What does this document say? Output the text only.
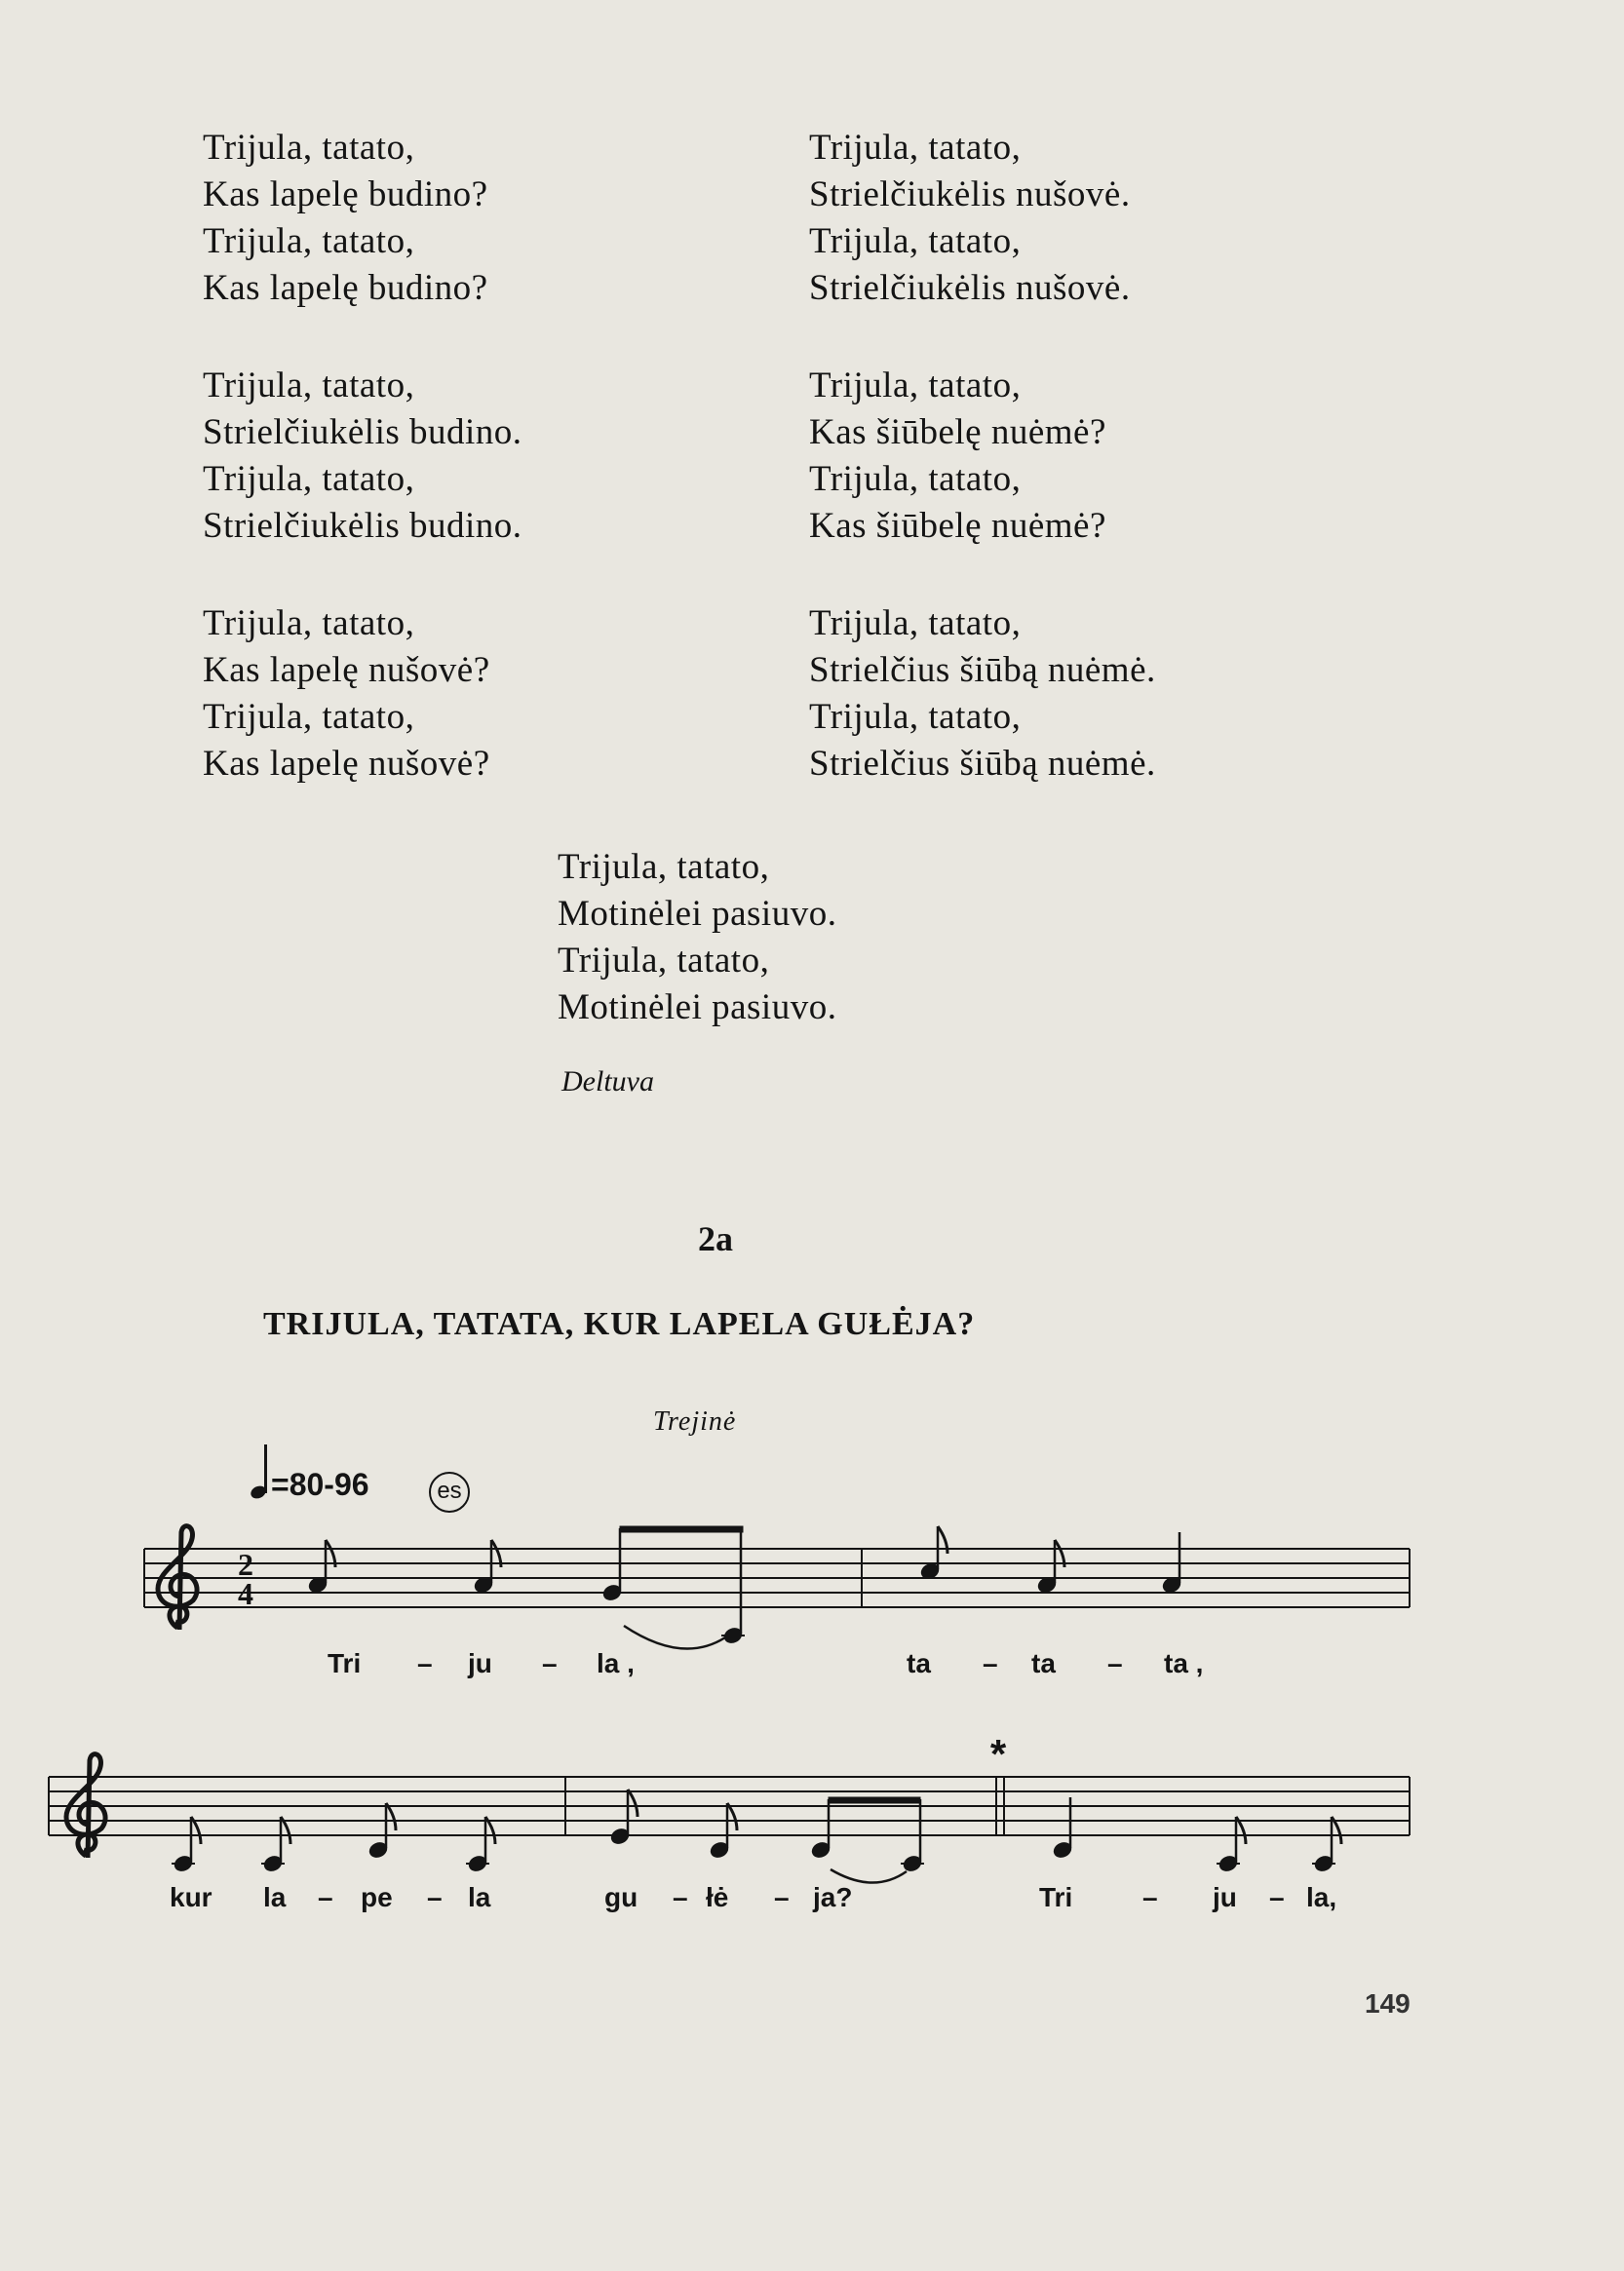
Trijula, tatato,
Kas lapelę budino?
Trijula, tatato,
Kas lapelę budino?
Trijula, tatato,
Strielčiukėlis budino.
Trijula, tatato,
Strielčiukėlis budino.
Trijula, tatato,
Kas lapelę nušovė?
Trijula, tatato,
Kas lapelę nušovė?
Trijula, tatato,
Strielčiukėlis nušovė.
Trijula, tatato,
Strielčiukėlis nušovė.
Trijula, tatato,
Kas šiūbelę nuėmė?
Trijula, tatato,
Kas šiūbelę nuėmė?
Trijula, tatato,
Strielčius šiūbą nuėmė.
Trijula, tatato,
Strielčius šiūbą nuėmė.
Trijula, tatato,
Motinėlei pasiuvo.
Trijula, tatato,
Motinėlei pasiuvo.
Deltuva
2a
TRIJULA, TATATA, KUR LAPELA GUŁĖJA?
Trejinė
=80-96	es
2
4
Tri – ju – la ,	ta – ta – ta ,
*
kur la – pe – la	gu – łė – ja?	Tri	– ju – la,
149
